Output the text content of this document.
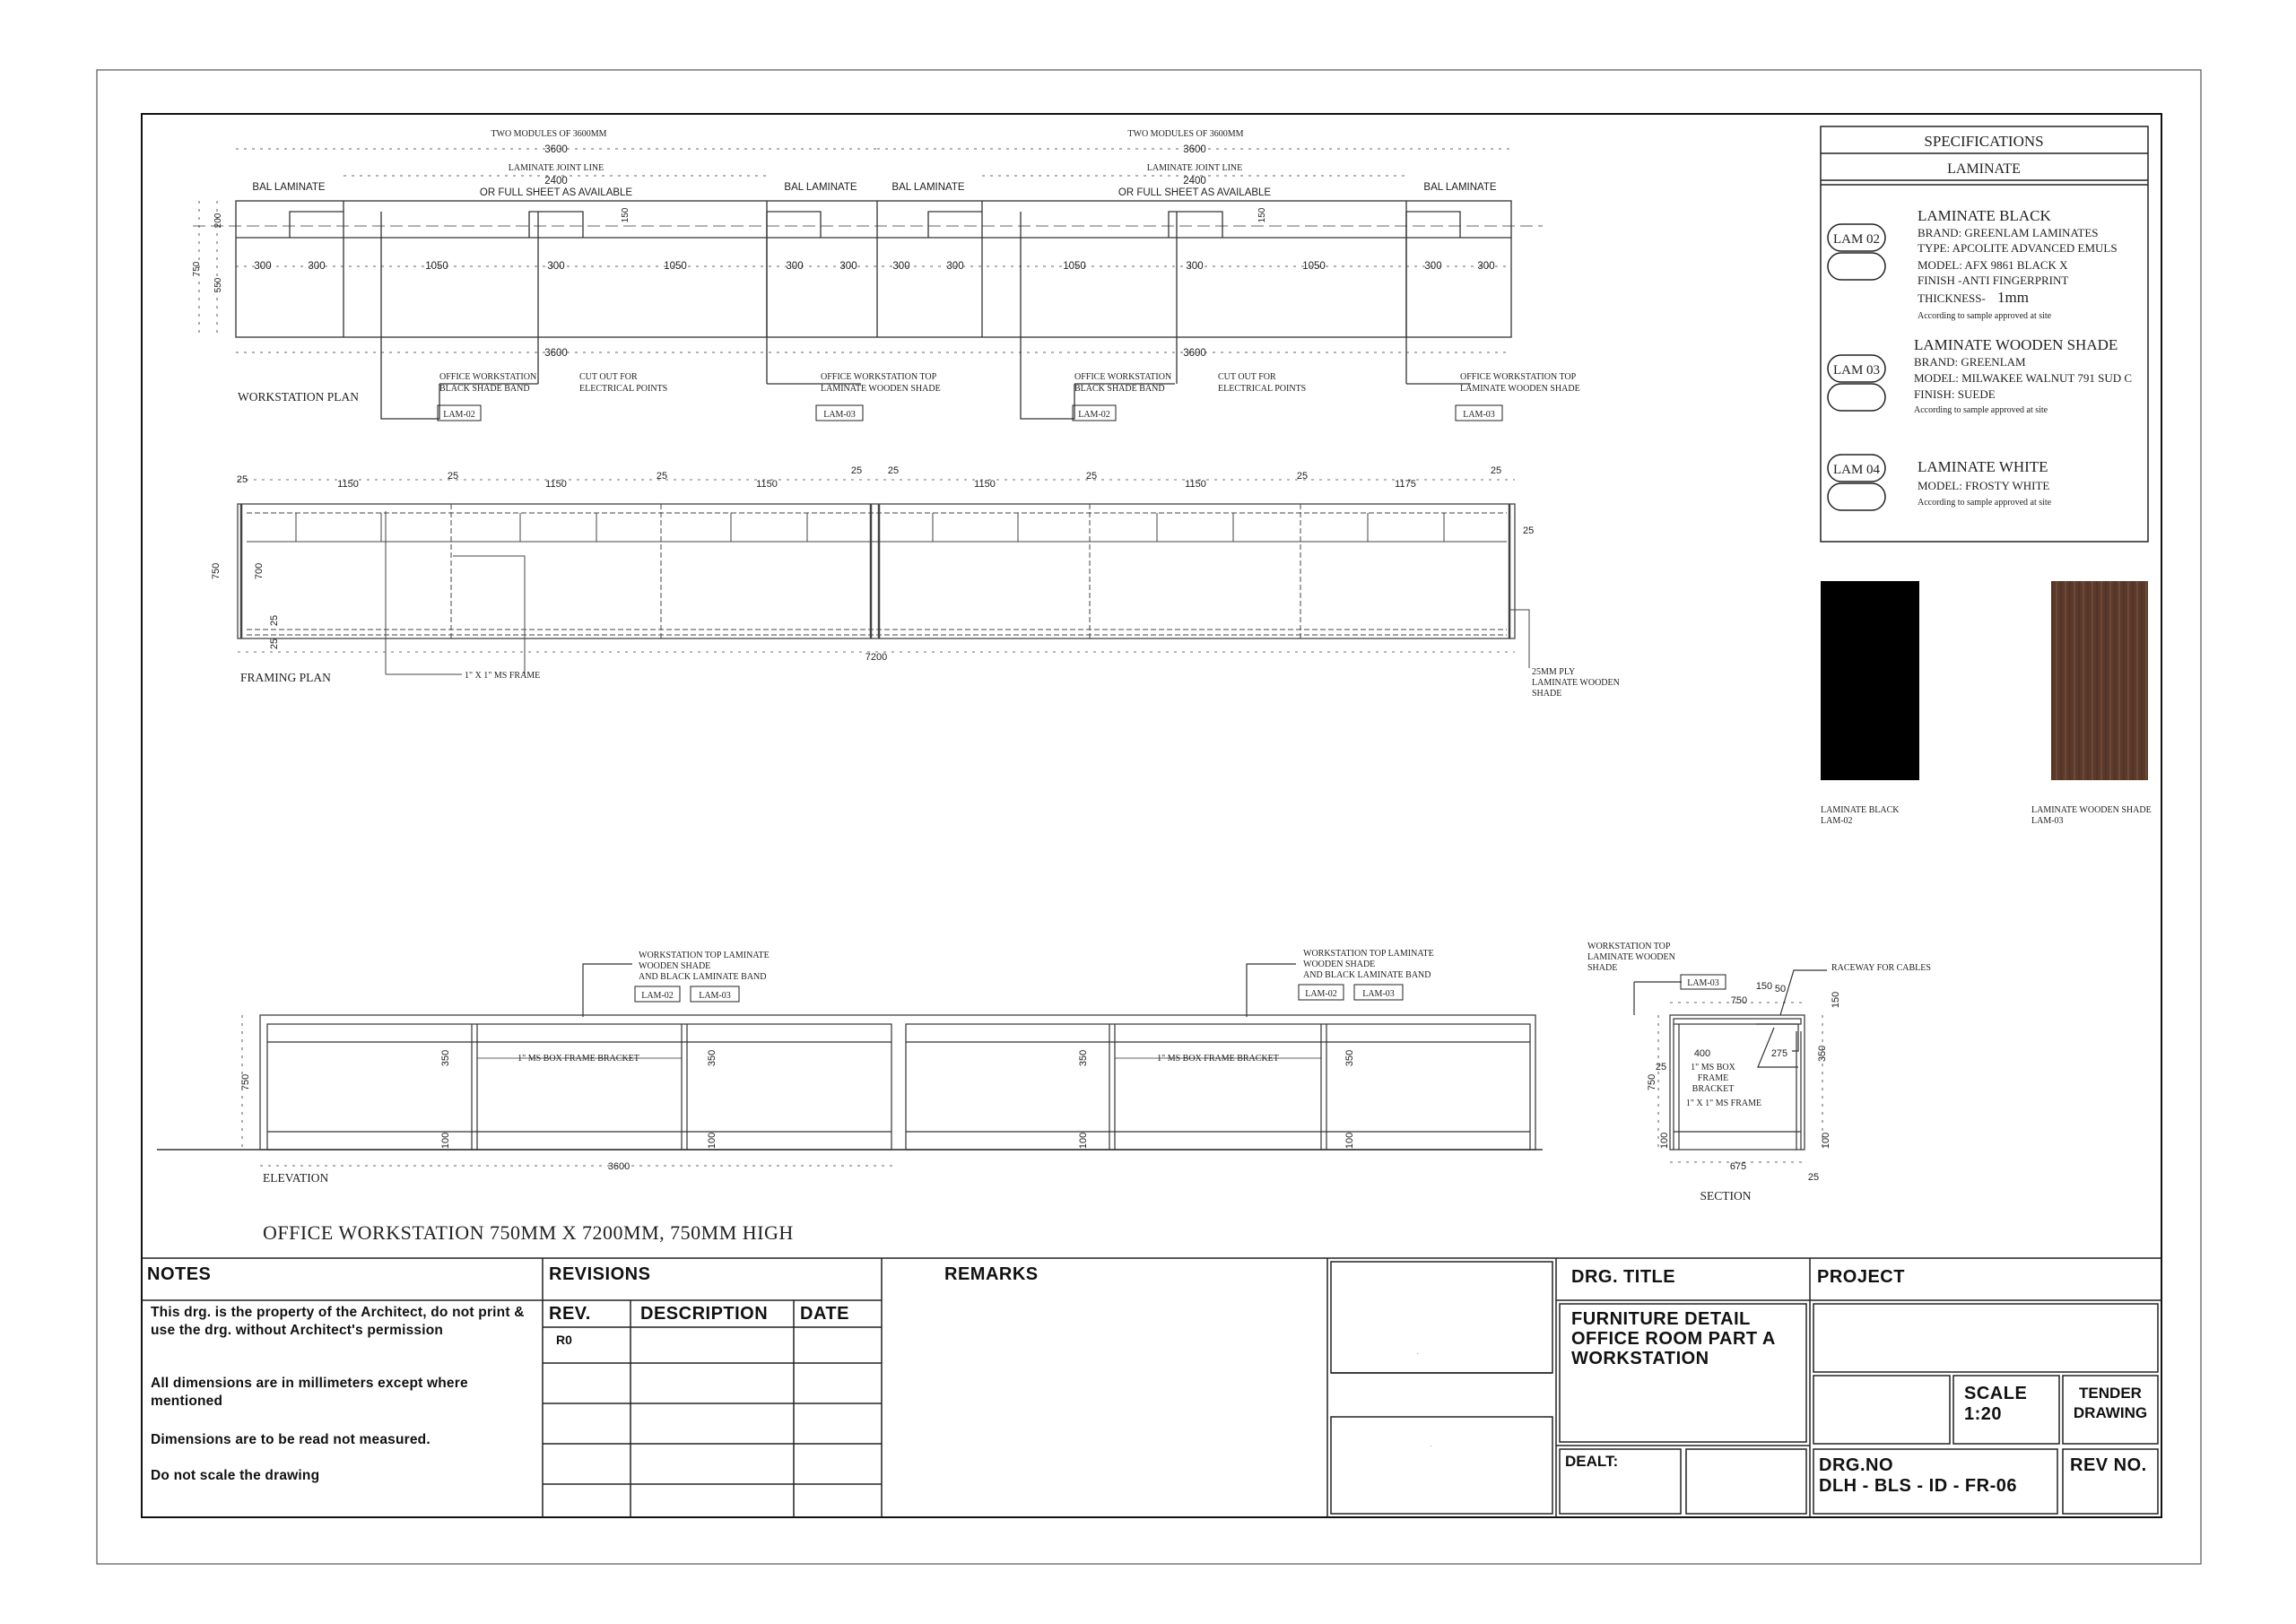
TWO MODULES OF 3600MM	TWO MODULES OF 3600MM
3600	3600
LAMINATE JOINT LINE	LAMINATE JOINT LINE
2400	2400
OR FULL SHEET AS AVAILABLE	OR FULL SHEET AS AVAILABLE
BAL LAMINATE	BAL LAMINATE	BAL LAMINATE	BAL LAMINATE
150	150
200
550
750	300	300	1050	300	1050	300	300	300	300	1050	300	1050	300	300
3600	3600
WORKSTATION PLAN
OFFICE WORKSTATION
BLACK SHADE BAND
CUT OUT FOR
ELECTRICAL POINTS
OFFICE WORKSTATION TOP
LAMINATE WOODEN SHADE
OFFICE WORKSTATION
BLACK SHADE BAND
CUT OUT FOR
ELECTRICAL POINTS
OFFICE WORKSTATION TOP
LAMINATE WOODEN SHADE
LAM-02	LAM-03	LAM-02	LAM-03
25	1150
25
1150
25
1150
25	25
1150
25
1150
25
1175
25
750	700
25
25
25
7200
FRAMING PLAN	1" X 1" MS FRAME	25MM PLY
LAMINATE WOODEN
SHADE
WORKSTATION TOP LAMINATE
WOODEN SHADE
AND BLACK LAMINATE BAND
WORKSTATION TOP LAMINATE
WOODEN SHADE
AND BLACK LAMINATE BAND
1" MS BOX FRAME BRACKET	1" MS BOX FRAME BRACKET
350	350	350	350
100	100	100	100
750
3600
ELEVATION
LAM-02	LAM-03	LAM-02	LAM-03
WORKSTATION TOP
LAMINATE WOODEN
SHADE	RACEWAY FOR CABLES
750
150 50
150
400	275	350
25
750
100	100
1" MS BOX
FRAME
BRACKET
1" X 1" MS FRAME
675
25
SECTION
LAM-03
OFFICE WORKSTATION 750MM X 7200MM, 750MM HIGH
SPECIFICATIONS
LAMINATE
LAM 02
LAMINATE BLACK
BRAND: GREENLAM LAMINATES
TYPE: APCOLITE ADVANCED EMULS
MODEL: AFX 9861 BLACK X
FINISH -ANTI FINGERPRINT
THICKNESS- 1mm
According to sample approved at site
LAM 03
LAMINATE WOODEN SHADE
BRAND: GREENLAM
MODEL: MILWAKEE WALNUT 791 SUD C
FINISH: SUEDE
According to sample approved at site
LAM 04 LAMINATE WHITE
MODEL: FROSTY WHITE
According to sample approved at site
LAMINATE BLACK
LAM-02
LAMINATE WOODEN SHADE
LAM-03
.
.
NOTES
This drg. is the property of the Architect, do not print & use the drg. without Architect's permission
All dimensions are in millimeters except where mentioned
Dimensions are to be read not measured.
Do not scale the drawing
REVISIONS
REV.	DESCRIPTION DATE
R0
REMARKS	DRG. TITLE
FURNITURE DETAIL OFFICE ROOM PART A WORKSTATION
PROJECT
SCALE
1:20
TENDER DRAWING
DEALT:	DRG.NO
DLH - BLS - ID - FR-06
REV NO.
